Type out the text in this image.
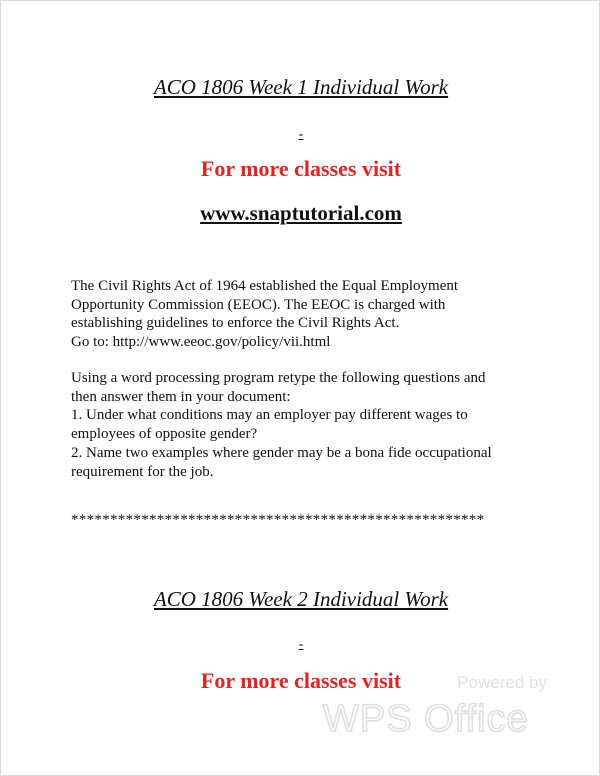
ACO 1806 Week 1 Individual Work
-
For more classes visit
www.snaptutorial.com
The Civil Rights Act of 1964 established the Equal Employment
Opportunity Commission (EEOC). The EEOC is charged with
establishing guidelines to enforce the Civil Rights Act.
Go to: http://www.eeoc.gov/policy/vii.html
Using a word processing program retype the following questions and
then answer them in your document:
1. Under what conditions may an employer pay different wages to
employees of opposite gender?
2. Name two examples where gender may be a bona fide occupational
requirement for the job.
*****************************************************
ACO 1806 Week 2 Individual Work
-
For more classes visit	Powered by
WPS Office
